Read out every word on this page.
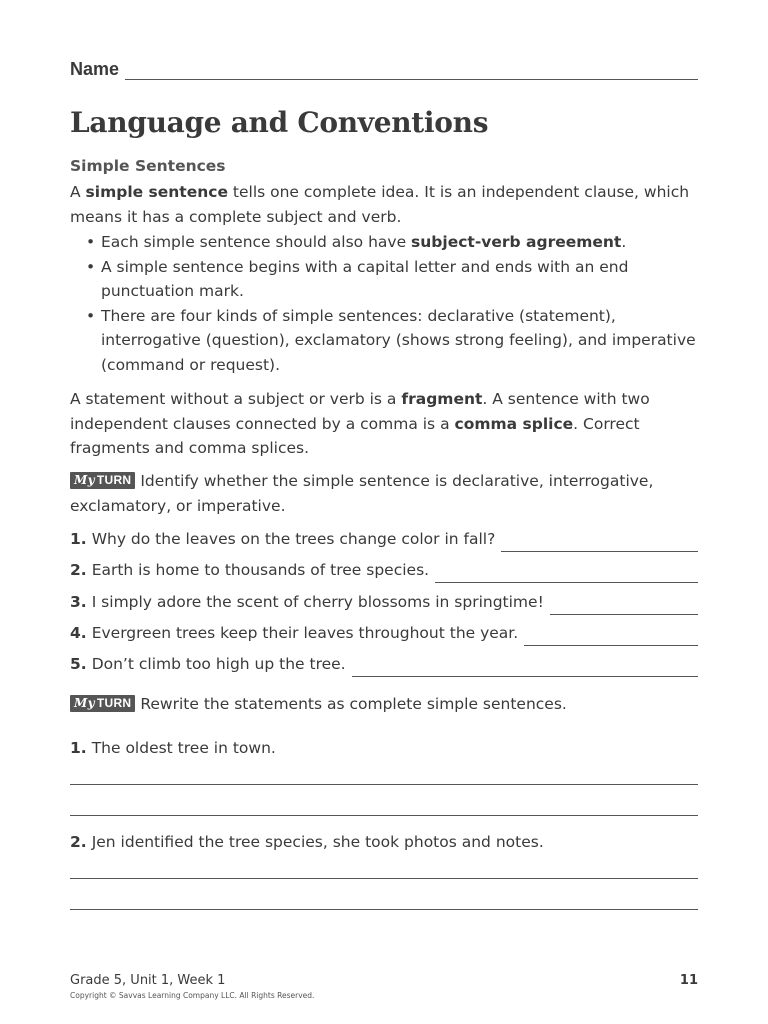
Name
Language and Conventions
Simple Sentences
A simple sentence tells one complete idea. It is an independent clause, which means it has a complete subject and verb.
• Each simple sentence should also have subject-verb agreement.
• A simple sentence begins with a capital letter and ends with an end punctuation mark.
• There are four kinds of simple sentences: declarative (statement), interrogative (question), exclamatory (shows strong feeling), and imperative (command or request).
A statement without a subject or verb is a fragment. A sentence with two independent clauses connected by a comma is a comma splice. Correct fragments and comma splices.
My TURN Identify whether the simple sentence is declarative, interrogative, exclamatory, or imperative.
1. Why do the leaves on the trees change color in fall?
2. Earth is home to thousands of tree species.
3. I simply adore the scent of cherry blossoms in springtime!
4. Evergreen trees keep their leaves throughout the year.
5. Don’t climb too high up the tree.
My TURN Rewrite the statements as complete simple sentences.
1. The oldest tree in town.
2. Jen identified the tree species, she took photos and notes.
Grade 5, Unit 1, Week 1	11
Copyright © Savvas Learning Company LLC. All Rights Reserved.
